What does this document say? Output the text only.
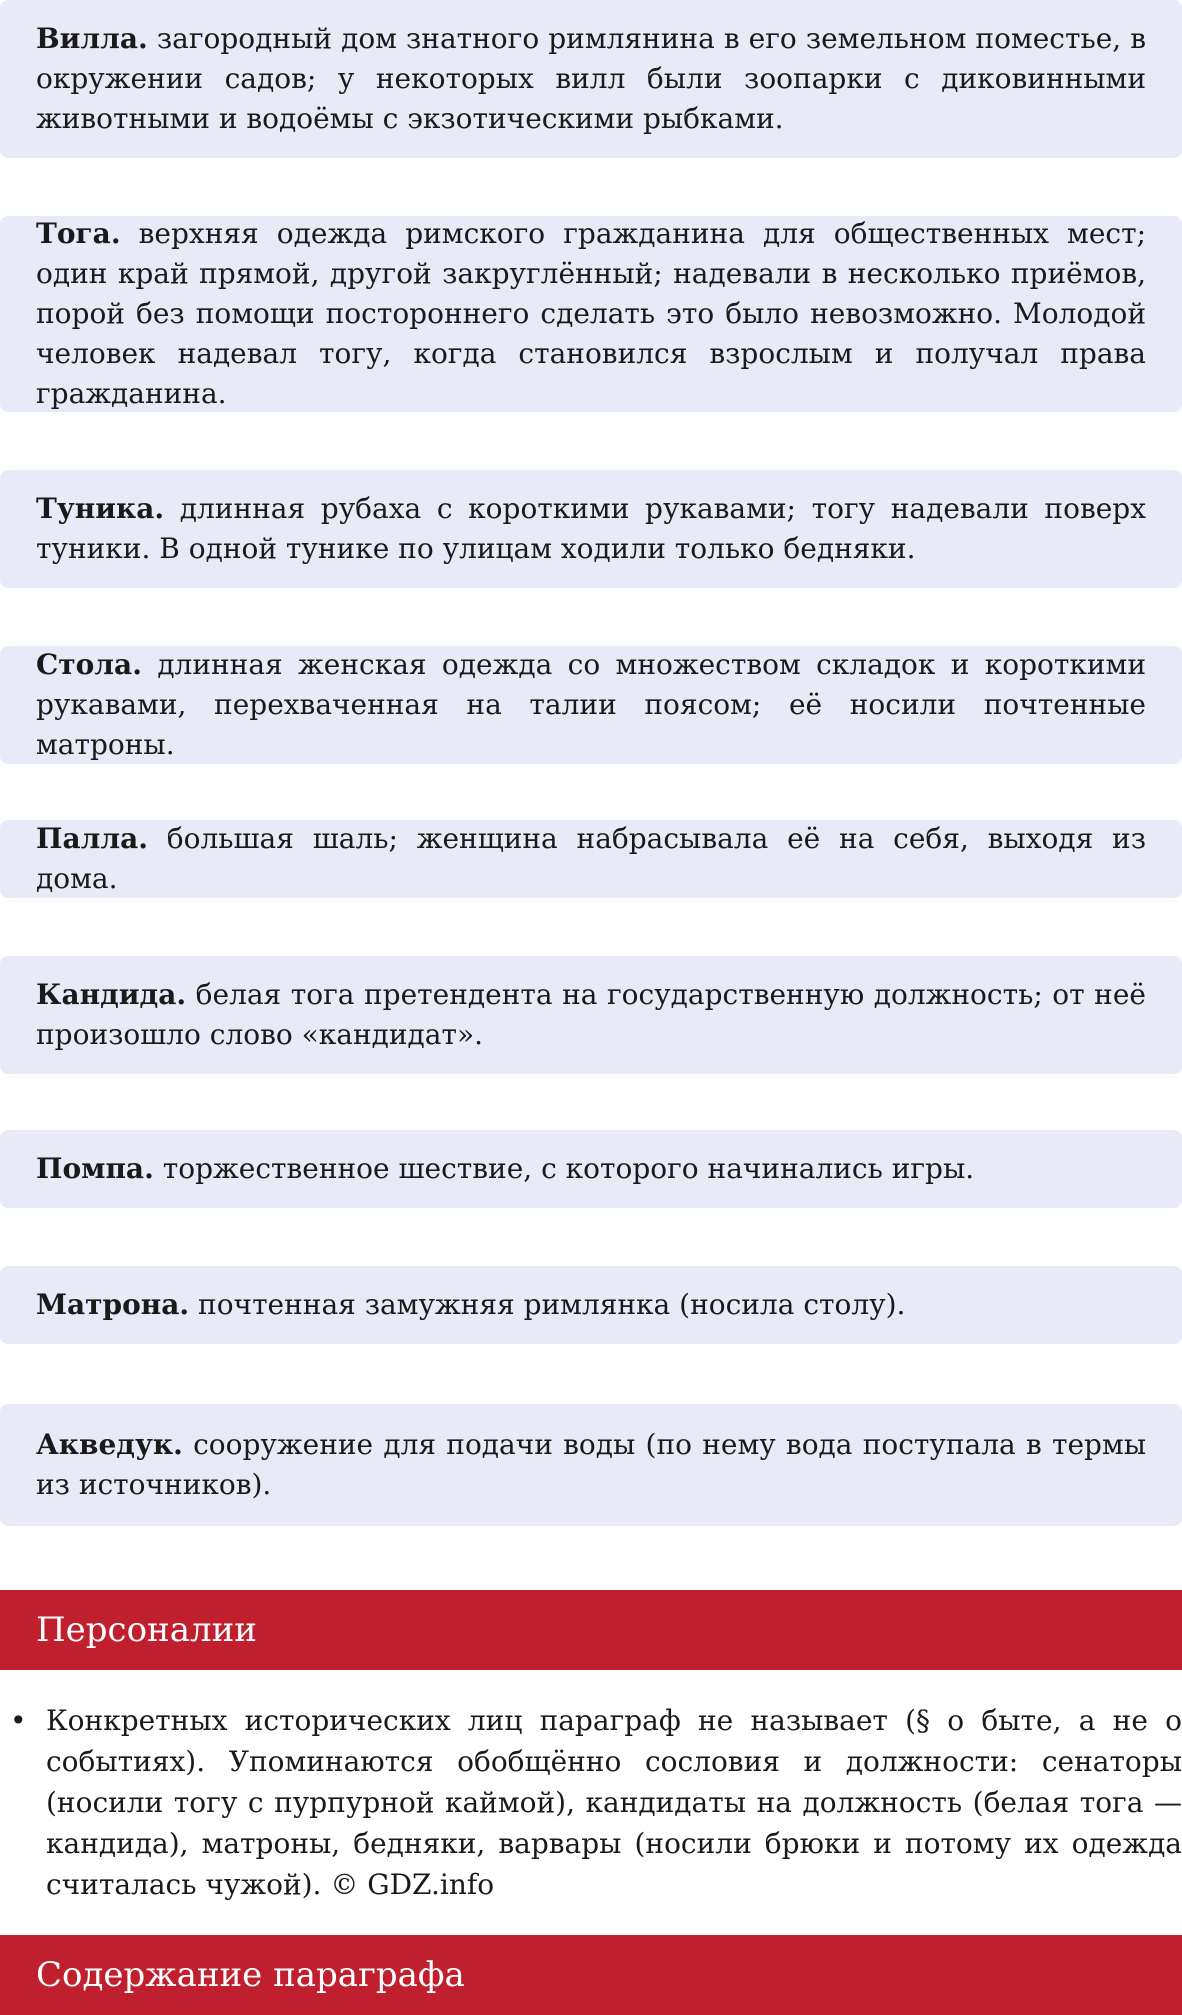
Вилла. загородный дом знатного римлянина в его земельном поместье, в окружении садов; у некоторых вилл были зоопарки с диковинными животными и водоёмы с экзотическими рыбками.
Тога. верхняя одежда римского гражданина для общественных мест; один край прямой, другой закруглённый; надевали в несколько приёмов, порой без помощи постороннего сделать это было невозможно. Молодой человек надевал тогу, когда становился взрослым и получал права гражданина.
Туника. длинная рубаха с короткими рукавами; тогу надевали поверх туники. В одной тунике по улицам ходили только бедняки.
Стола. длинная женская одежда со множеством складок и короткими рукавами, перехваченная на талии поясом; её носили почтенные матроны.
Палла. большая шаль; женщина набрасывала её на себя, выходя из дома.
Кандида. белая тога претендента на государственную должность; от неё произошло слово «кандидат».
Помпа. торжественное шествие, с которого начинались игры.
Матрона. почтенная замужняя римлянка (носила столу).
Акведук. сооружение для подачи воды (по нему вода поступала в термы из источников).
Персоналии
• Конкретных исторических лиц параграф не называет (§ о быте, а не о событиях). Упоминаются обобщённо сословия и должности: сенаторы (носили тогу с пурпурной каймой), кандидаты на должность (белая тога — кандида), матроны, бедняки, варвары (носили брюки и потому их одежда считалась чужой). © GDZ.info
Содержание параграфа
